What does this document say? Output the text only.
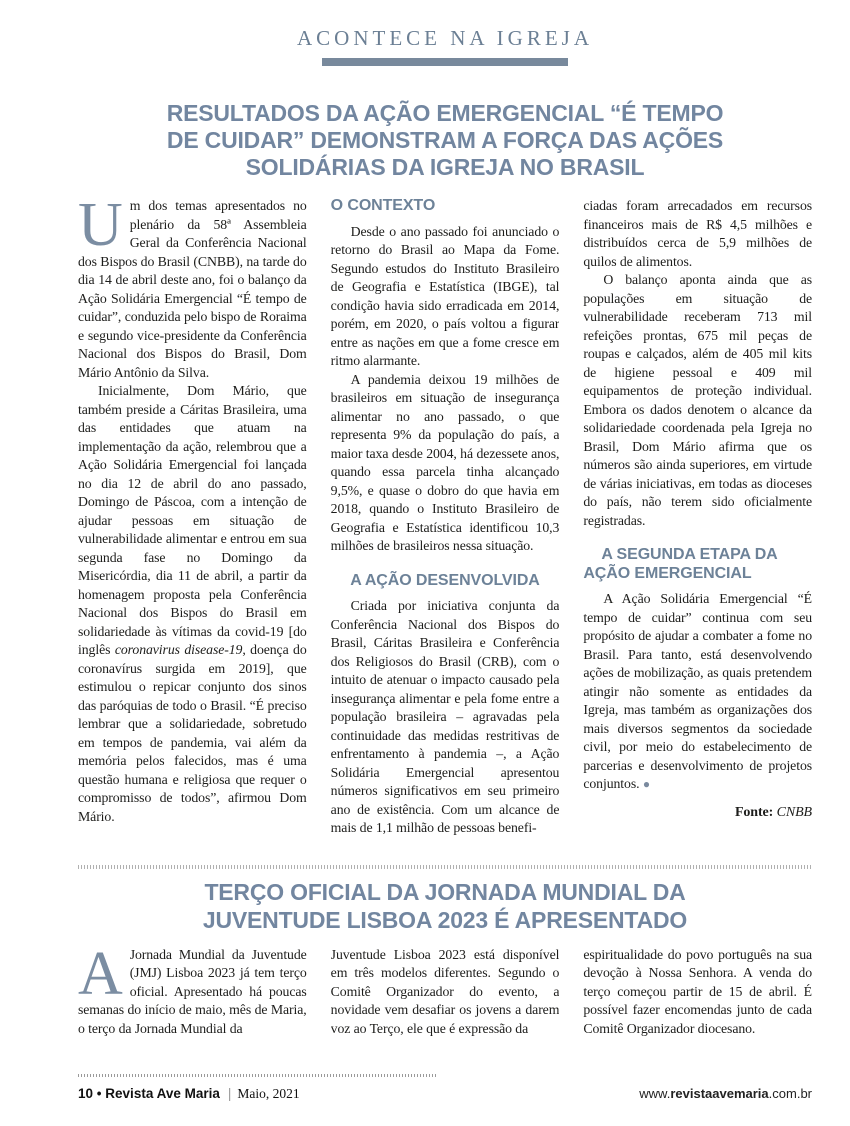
ACONTECE NA IGREJA
RESULTADOS DA AÇÃO EMERGENCIAL “É TEMPO DE CUIDAR” DEMONSTRAM A FORÇA DAS AÇÕES SOLIDÁRIAS DA IGREJA NO BRASIL

Um dos temas apresentados no plenário da 58ª Assembleia Geral da Conferência Nacional dos Bispos do Brasil (CNBB), na tarde do dia 14 de abril deste ano, foi o balanço da Ação Solidária Emergencial “É tempo de cuidar”, conduzida pelo bispo de Roraima e segundo vice-presidente da Conferência Nacional dos Bispos do Brasil, Dom Mário Antônio da Silva.

Inicialmente, Dom Mário, que também preside a Cáritas Brasileira, uma das entidades que atuam na implementação da ação, relembrou que a Ação Solidária Emergencial foi lançada no dia 12 de abril do ano passado, Domingo de Páscoa, com a intenção de ajudar pessoas em situação de vulnerabilidade alimentar e entrou em sua segunda fase no Domingo da Misericórdia, dia 11 de abril, a partir da homenagem proposta pela Conferência Nacional dos Bispos do Brasil em solidariedade às vítimas da covid-19 [do inglês coronavirus disease-19, doença do coronavírus surgida em 2019], que estimulou o repicar conjunto dos sinos das paróquias de todo o Brasil. “É preciso lembrar que a solidariedade, sobretudo em tempos de pandemia, vai além da memória pelos falecidos, mas é uma questão humana e religiosa que requer o compromisso de todos”, afirmou Dom Mário.

O CONTEXTO

Desde o ano passado foi anunciado o retorno do Brasil ao Mapa da Fome. Segundo estudos do Instituto Brasileiro de Geografia e Estatística (IBGE), tal condição havia sido erradicada em 2014, porém, em 2020, o país voltou a figurar entre as nações em que a fome cresce em ritmo alarmante.

A pandemia deixou 19 milhões de brasileiros em situação de insegurança alimentar no ano passado, o que representa 9% da população do país, a maior taxa desde 2004, há dezessete anos, quando essa parcela tinha alcançado 9,5%, e quase o dobro do que havia em 2018, quando o Instituto Brasileiro de Geografia e Estatística identificou 10,3 milhões de brasileiros nessa situação.

A AÇÃO DESENVOLVIDA

Criada por iniciativa conjunta da Conferência Nacional dos Bispos do Brasil, Cáritas Brasileira e Conferência dos Religiosos do Brasil (CRB), com o intuito de atenuar o impacto causado pela insegurança alimentar e pela fome entre a população brasileira – agravadas pela continuidade das medidas restritivas de enfrentamento à pandemia –, a Ação Solidária Emergencial apresentou números significativos em seu primeiro ano de existência. Com um alcance de mais de 1,1 milhão de pessoas benefi-

ciadas foram arrecadados em recursos financeiros mais de R$ 4,5 milhões e distribuídos cerca de 5,9 milhões de quilos de alimentos.

O balanço aponta ainda que as populações em situação de vulnerabilidade receberam 713 mil refeições prontas, 675 mil peças de roupas e calçados, além de 405 mil kits de higiene pessoal e 409 mil equipamentos de proteção individual. Embora os dados denotem o alcance da solidariedade coordenada pela Igreja no Brasil, Dom Mário afirma que os números são ainda superiores, em virtude de várias iniciativas, em todas as dioceses do país, não terem sido oficialmente registradas.

A SEGUNDA ETAPA DA AÇÃO EMERGENCIAL

A Ação Solidária Emergencial “É tempo de cuidar” continua com seu propósito de ajudar a combater a fome no Brasil. Para tanto, está desenvolvendo ações de mobilização, as quais pretendem atingir não somente as entidades da Igreja, mas também as organizações dos mais diversos segmentos da sociedade civil, por meio do estabelecimento de parcerias e desenvolvimento de projetos conjuntos. ●

Fonte: CNBB

TERÇO OFICIAL DA JORNADA MUNDIAL DA JUVENTUDE LISBOA 2023 É APRESENTADO

A Jornada Mundial da Juventude (JMJ) Lisboa 2023 já tem terço oficial. Apresentado há poucas semanas do início de maio, mês de Maria, o terço da Jornada Mundial da

Juventude Lisboa 2023 está disponível em três modelos diferentes. Segundo o Comitê Organizador do evento, a novidade vem desafiar os jovens a darem voz ao Terço, ele que é expressão da

espiritualidade do povo português na sua devoção à Nossa Senhora. A venda do terço começou partir de 15 de abril. É possível fazer encomendas junto de cada Comitê Organizador diocesano.

10 • Revista Ave Maria | Maio, 2021	www.revistaavemaria.com.br
